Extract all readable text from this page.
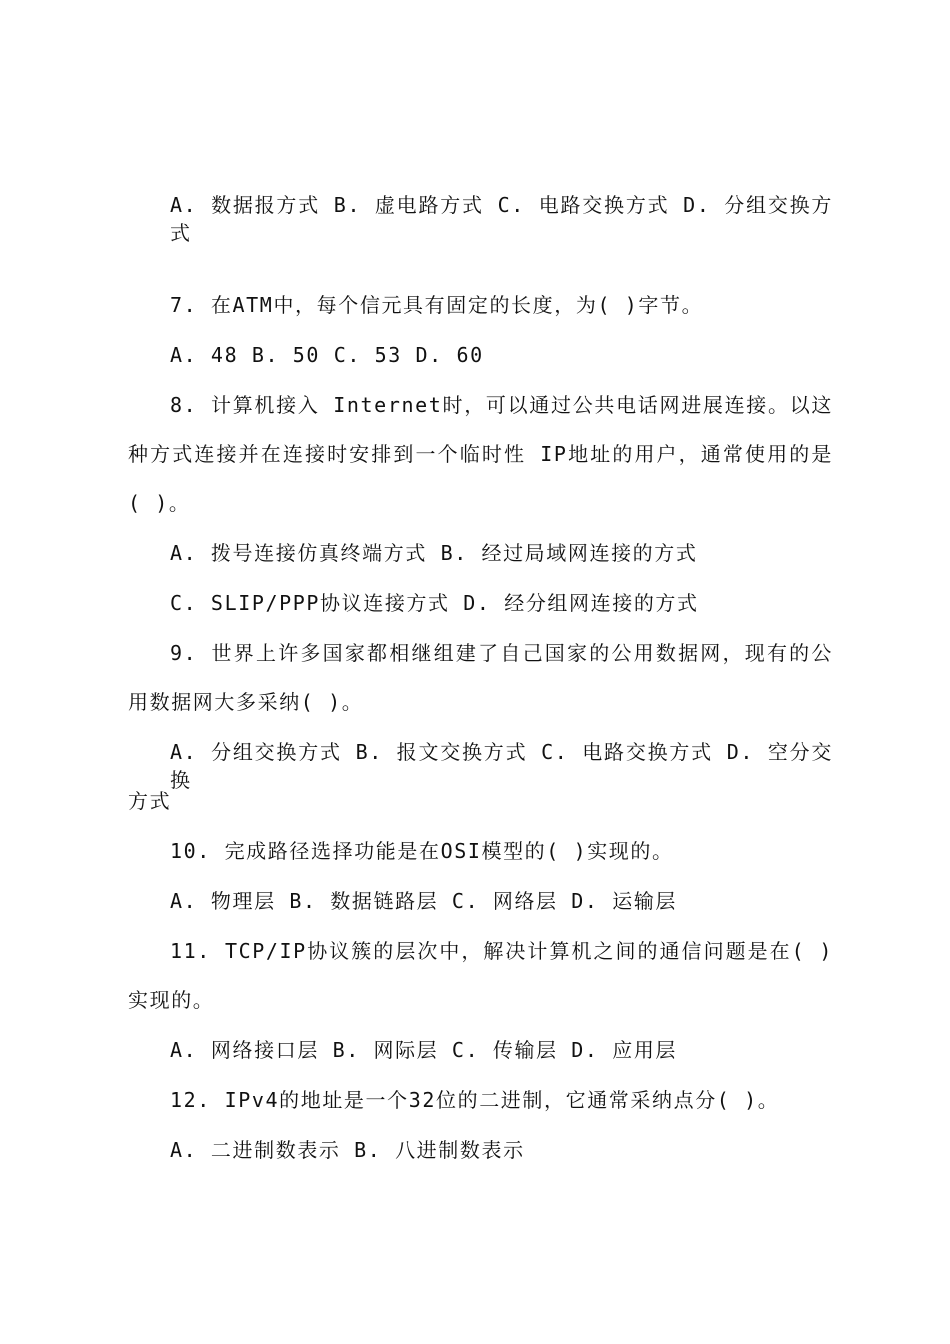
A. 数据报方式 B. 虚电路方式 C. 电路交换方式 D. 分组交换方式
7. 在ATM中，每个信元具有固定的长度，为( )字节。
A. 48 B. 50 C. 53 D. 60
8. 计算机接入 Internet时，可以通过公共电话网进展连接。以这
种方式连接并在连接时安排到一个临时性 IP地址的用户，通常使用的是
( )。
A. 拨号连接仿真终端方式 B. 经过局域网连接的方式
C. SLIP/PPP协议连接方式 D. 经分组网连接的方式
9. 世界上许多国家都相继组建了自己国家的公用数据网，现有的公
用数据网大多采纳( )。
A. 分组交换方式 B. 报文交换方式 C. 电路交换方式 D. 空分交换
方式
10. 完成路径选择功能是在OSI模型的( )实现的。
A. 物理层 B. 数据链路层 C. 网络层 D. 运输层
11. TCP/IP协议簇的层次中，解决计算机之间的通信问题是在( )
实现的。
A. 网络接口层 B. 网际层 C. 传输层 D. 应用层
12. IPv4的地址是一个32位的二进制，它通常采纳点分( )。
A. 二进制数表示 B. 八进制数表示
